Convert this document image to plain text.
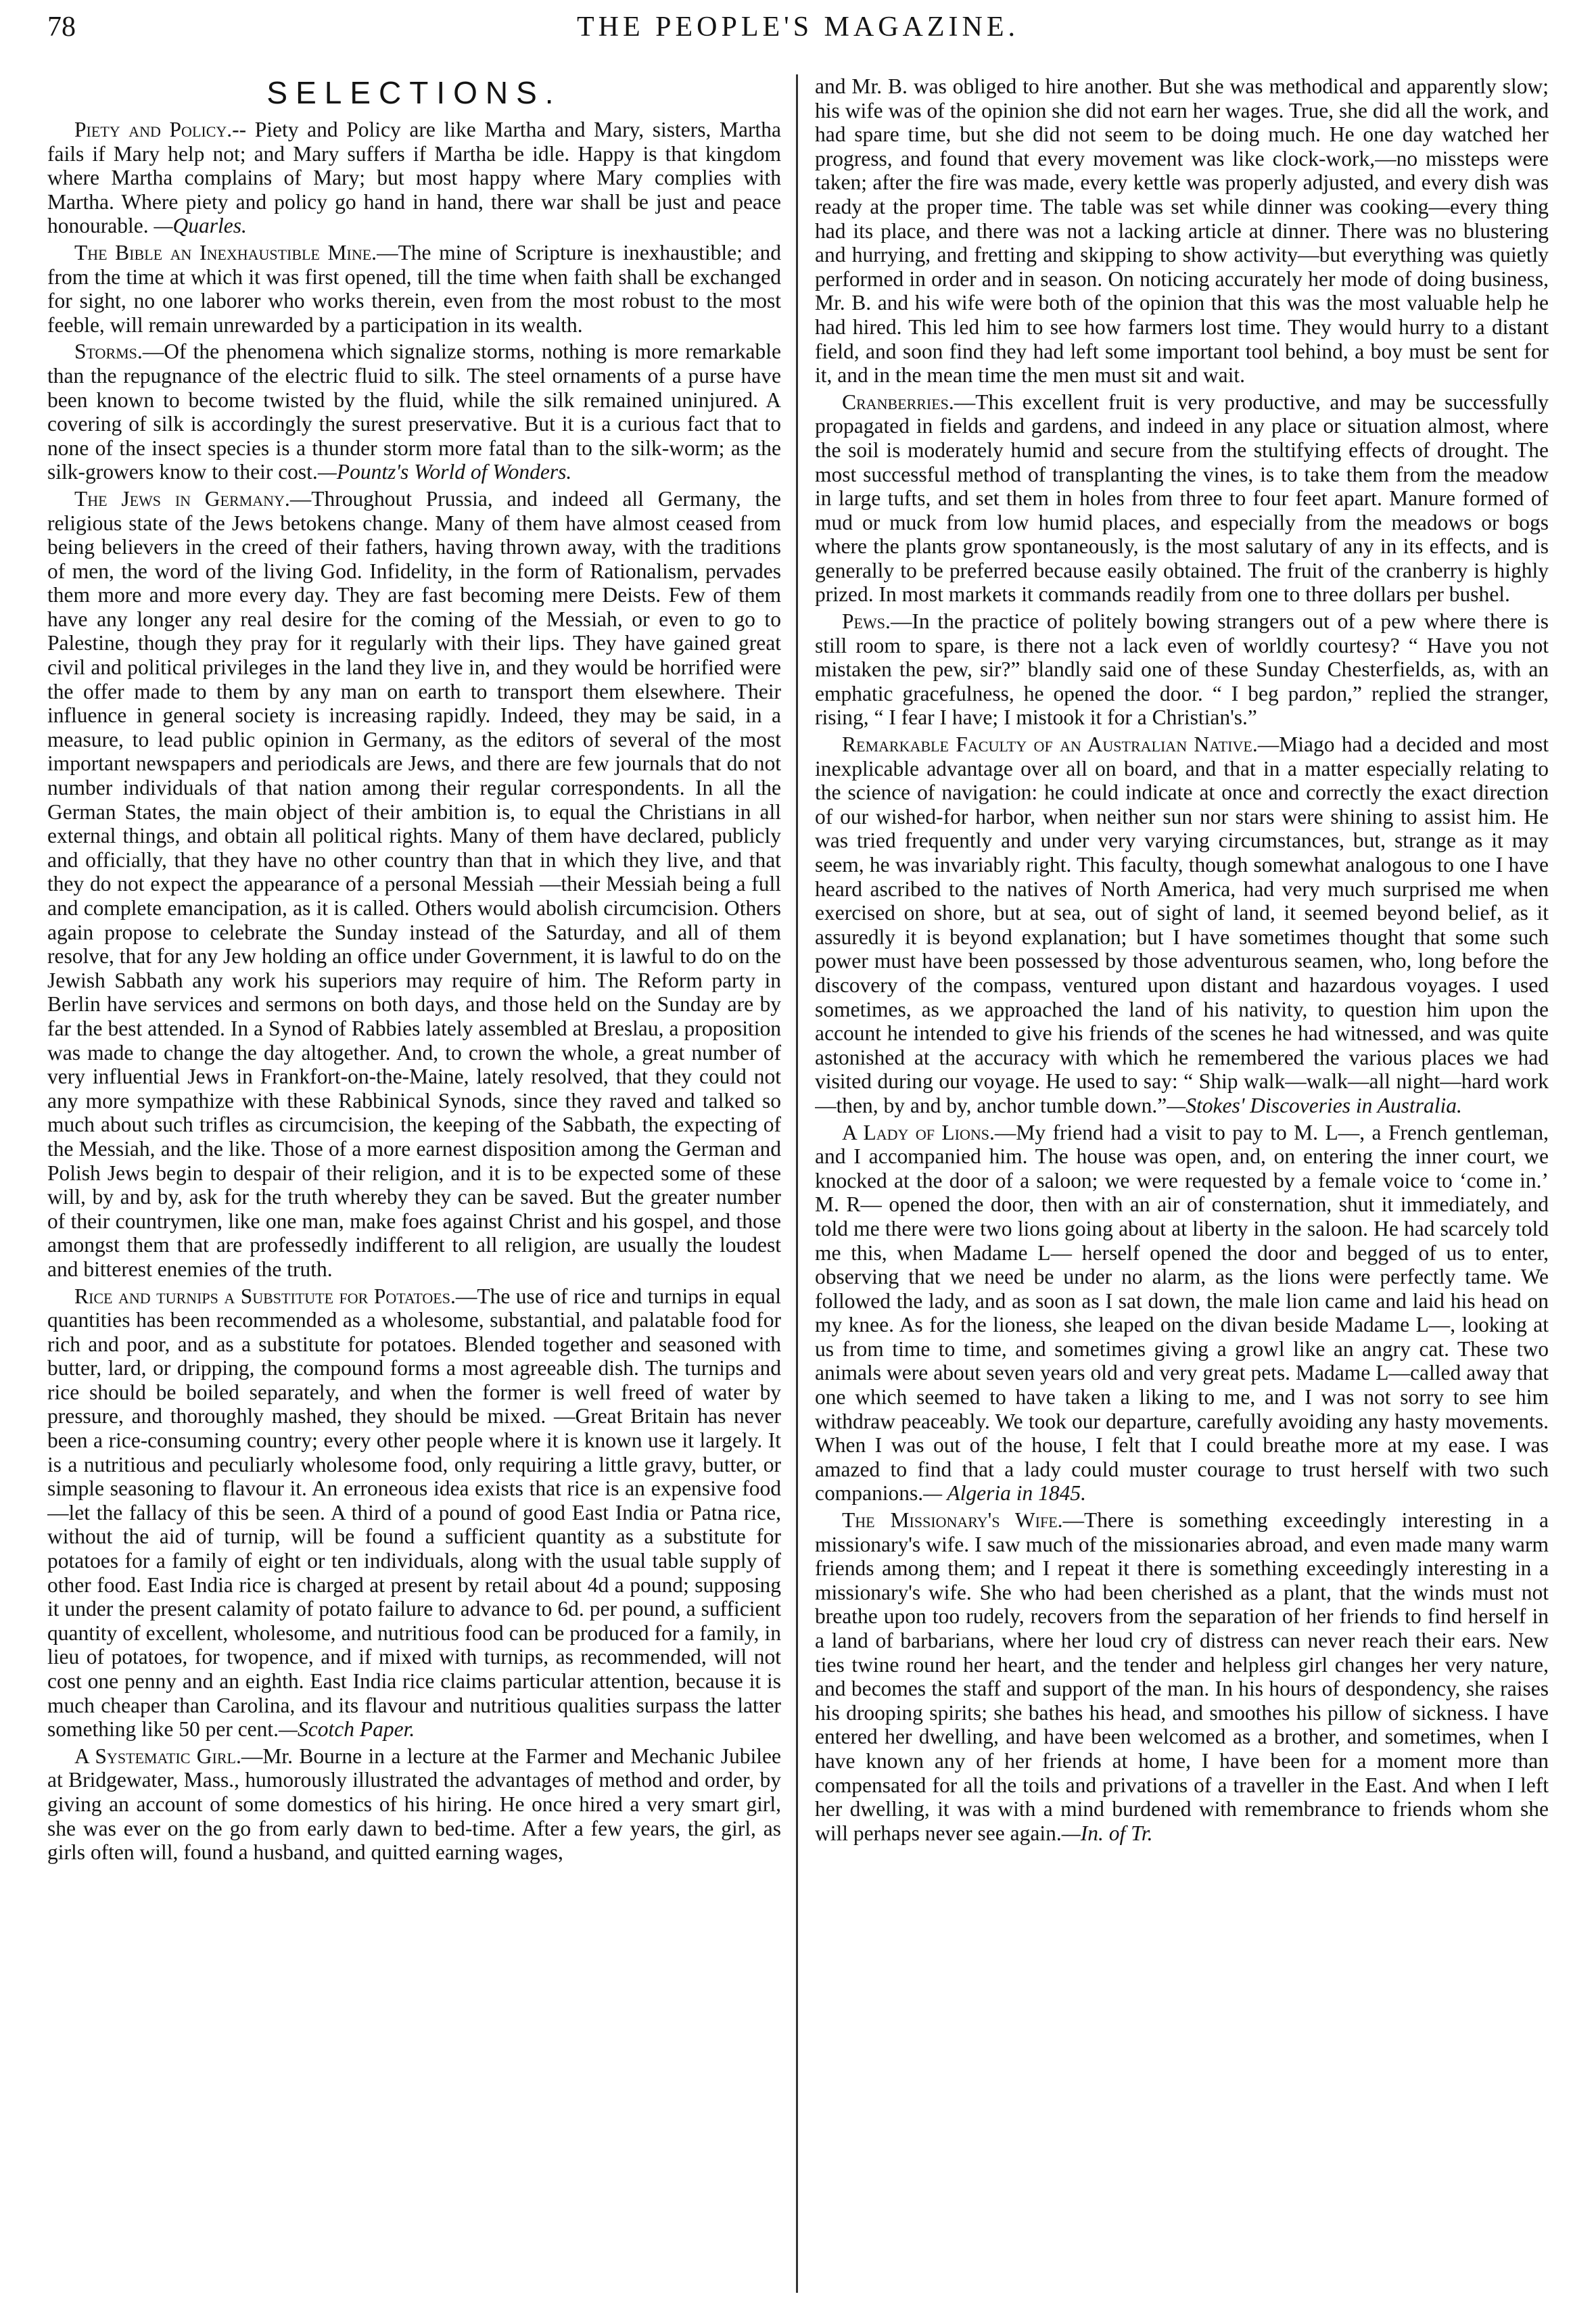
78	THE PEOPLE'S MAGAZINE.
SELECTIONS.

Piety and Policy.-- Piety and Policy are like Martha and Mary, sisters, Martha fails if Mary help not; and Mary suffers if Martha be idle. Happy is that kingdom where Martha complains of Mary; but most happy where Mary complies with Martha. Where piety and policy go hand in hand, there war shall be just and peace honourable. —Quarles.

The Bible an Inexhaustible Mine.—The mine of Scripture is inexhaustible; and from the time at which it was first opened, till the time when faith shall be exchanged for sight, no one laborer who works therein, even from the most robust to the most feeble, will remain unrewarded by a participation in its wealth.

Storms.—Of the phenomena which signalize storms, nothing is more remarkable than the repugnance of the electric fluid to silk. The steel ornaments of a purse have been known to become twisted by the fluid, while the silk remained uninjured. A covering of silk is accordingly the surest preservative. But it is a curious fact that to none of the insect species is a thunder storm more fatal than to the silk-worm; as the silk-growers know to their cost.—Pountz's World of Wonders.

The Jews in Germany.—Throughout Prussia, and indeed all Germany, the religious state of the Jews betokens change. Many of them have almost ceased from being believers in the creed of their fathers, having thrown away, with the traditions of men, the word of the living God. Infidelity, in the form of Rationalism, pervades them more and more every day. They are fast becoming mere Deists. Few of them have any longer any real desire for the coming of the Messiah, or even to go to Palestine, though they pray for it regularly with their lips. They have gained great civil and political privileges in the land they live in, and they would be horrified were the offer made to them by any man on earth to transport them elsewhere. Their influence in general society is increasing rapidly. Indeed, they may be said, in a measure, to lead public opinion in Germany, as the editors of several of the most important newspapers and periodicals are Jews, and there are few journals that do not number individuals of that nation among their regular correspondents. In all the German States, the main object of their ambition is, to equal the Christians in all external things, and obtain all political rights. Many of them have declared, publicly and officially, that they have no other country than that in which they live, and that they do not expect the appearance of a personal Messiah —their Messiah being a full and complete emancipation, as it is called. Others would abolish circumcision. Others again propose to celebrate the Sunday instead of the Saturday, and all of them resolve, that for any Jew holding an office under Government, it is lawful to do on the Jewish Sabbath any work his superiors may require of him. The Reform party in Berlin have services and sermons on both days, and those held on the Sunday are by far the best attended. In a Synod of Rabbies lately assembled at Breslau, a proposition was made to change the day altogether. And, to crown the whole, a great number of very influential Jews in Frankfort-on-the-Maine, lately resolved, that they could not any more sympathize with these Rabbinical Synods, since they raved and talked so much about such trifles as circumcision, the keeping of the Sabbath, the expecting of the Messiah, and the like. Those of a more earnest disposition among the German and Polish Jews begin to despair of their religion, and it is to be expected some of these will, by and by, ask for the truth whereby they can be saved. But the greater number of their countrymen, like one man, make foes against Christ and his gospel, and those amongst them that are professedly indifferent to all religion, are usually the loudest and bitterest enemies of the truth.

Rice and turnips a Substitute for Potatoes.—The use of rice and turnips in equal quantities has been recommended as a wholesome, substantial, and palatable food for rich and poor, and as a substitute for potatoes. Blended together and seasoned with butter, lard, or dripping, the compound forms a most agreeable dish. The turnips and rice should be boiled separately, and when the former is well freed of water by pressure, and thoroughly mashed, they should be mixed. —Great Britain has never been a rice-consuming country; every other people where it is known use it largely. It is a nutritious and peculiarly wholesome food, only requiring a little gravy, butter, or simple seasoning to flavour it. An erroneous idea exists that rice is an expensive food—let the fallacy of this be seen. A third of a pound of good East India or Patna rice, without the aid of turnip, will be found a sufficient quantity as a substitute for potatoes for a family of eight or ten individuals, along with the usual table supply of other food. East India rice is charged at present by retail about 4d a pound; supposing it under the present calamity of potato failure to advance to 6d. per pound, a sufficient quantity of excellent, wholesome, and nutritious food can be produced for a family, in lieu of potatoes, for twopence, and if mixed with turnips, as recommended, will not cost one penny and an eighth. East India rice claims particular attention, because it is much cheaper than Carolina, and its flavour and nutritious qualities surpass the latter something like 50 per cent.—Scotch Paper.

A Systematic Girl.—Mr. Bourne in a lecture at the Farmer and Mechanic Jubilee at Bridgewater, Mass., humorously illustrated the advantages of method and order, by giving an account of some domestics of his hiring. He once hired a very smart girl, she was ever on the go from early dawn to bed-time. After a few years, the girl, as girls often will, found a husband, and quitted earning wages,

and Mr. B. was obliged to hire another. But she was methodical and apparently slow; his wife was of the opinion she did not earn her wages. True, she did all the work, and had spare time, but she did not seem to be doing much. He one day watched her progress, and found that every movement was like clock-work,—no missteps were taken; after the fire was made, every kettle was properly adjusted, and every dish was ready at the proper time. The table was set while dinner was cooking—every thing had its place, and there was not a lacking article at dinner. There was no blustering and hurrying, and fretting and skipping to show activity—but everything was quietly performed in order and in season. On noticing accurately her mode of doing business, Mr. B. and his wife were both of the opinion that this was the most valuable help he had hired. This led him to see how farmers lost time. They would hurry to a distant field, and soon find they had left some important tool behind, a boy must be sent for it, and in the mean time the men must sit and wait.

Cranberries.—This excellent fruit is very productive, and may be successfully propagated in fields and gardens, and indeed in any place or situation almost, where the soil is moderately humid and secure from the stultifying effects of drought. The most successful method of transplanting the vines, is to take them from the meadow in large tufts, and set them in holes from three to four feet apart. Manure formed of mud or muck from low humid places, and especially from the meadows or bogs where the plants grow spontaneously, is the most salutary of any in its effects, and is generally to be preferred because easily obtained. The fruit of the cranberry is highly prized. In most markets it commands readily from one to three dollars per bushel.

Pews.—In the practice of politely bowing strangers out of a pew where there is still room to spare, is there not a lack even of worldly courtesy? “ Have you not mistaken the pew, sir?” blandly said one of these Sunday Chesterfields, as, with an emphatic gracefulness, he opened the door. “ I beg pardon,” replied the stranger, rising, “ I fear I have; I mistook it for a Christian's.”

Remarkable Faculty of an Australian Native.—Miago had a decided and most inexplicable advantage over all on board, and that in a matter especially relating to the science of navigation: he could indicate at once and correctly the exact direction of our wished-for harbor, when neither sun nor stars were shining to assist him. He was tried frequently and under very varying circumstances, but, strange as it may seem, he was invariably right. This faculty, though somewhat analogous to one I have heard ascribed to the natives of North America, had very much surprised me when exercised on shore, but at sea, out of sight of land, it seemed beyond belief, as it assuredly it is beyond explanation; but I have sometimes thought that some such power must have been possessed by those adventurous seamen, who, long before the discovery of the compass, ventured upon distant and hazardous voyages. I used sometimes, as we approached the land of his nativity, to question him upon the account he intended to give his friends of the scenes he had witnessed, and was quite astonished at the accuracy with which he remembered the various places we had visited during our voyage. He used to say: “ Ship walk—walk—all night—hard work—then, by and by, anchor tumble down.”—Stokes' Discoveries in Australia.

A Lady of Lions.—My friend had a visit to pay to M. L—, a French gentleman, and I accompanied him. The house was open, and, on entering the inner court, we knocked at the door of a saloon; we were requested by a female voice to ‘come in.’ M. R— opened the door, then with an air of consternation, shut it immediately, and told me there were two lions going about at liberty in the saloon. He had scarcely told me this, when Madame L— herself opened the door and begged of us to enter, observing that we need be under no alarm, as the lions were perfectly tame. We followed the lady, and as soon as I sat down, the male lion came and laid his head on my knee. As for the lioness, she leaped on the divan beside Madame L—, looking at us from time to time, and sometimes giving a growl like an angry cat. These two animals were about seven years old and very great pets. Madame L—called away that one which seemed to have taken a liking to me, and I was not sorry to see him withdraw peaceably. We took our departure, carefully avoiding any hasty movements. When I was out of the house, I felt that I could breathe more at my ease. I was amazed to find that a lady could muster courage to trust herself with two such companions.— Algeria in 1845.

The Missionary's Wife.—There is something exceedingly interesting in a missionary's wife. I saw much of the missionaries abroad, and even made many warm friends among them; and I repeat it there is something exceedingly interesting in a missionary's wife. She who had been cherished as a plant, that the winds must not breathe upon too rudely, recovers from the separation of her friends to find herself in a land of barbarians, where her loud cry of distress can never reach their ears. New ties twine round her heart, and the tender and helpless girl changes her very nature, and becomes the staff and support of the man. In his hours of despondency, she raises his drooping spirits; she bathes his head, and smoothes his pillow of sickness. I have entered her dwelling, and have been welcomed as a brother, and sometimes, when I have known any of her friends at home, I have been for a moment more than compensated for all the toils and privations of a traveller in the East. And when I left her dwelling, it was with a mind burdened with remembrance to friends whom she will perhaps never see again.—In. of Tr.
